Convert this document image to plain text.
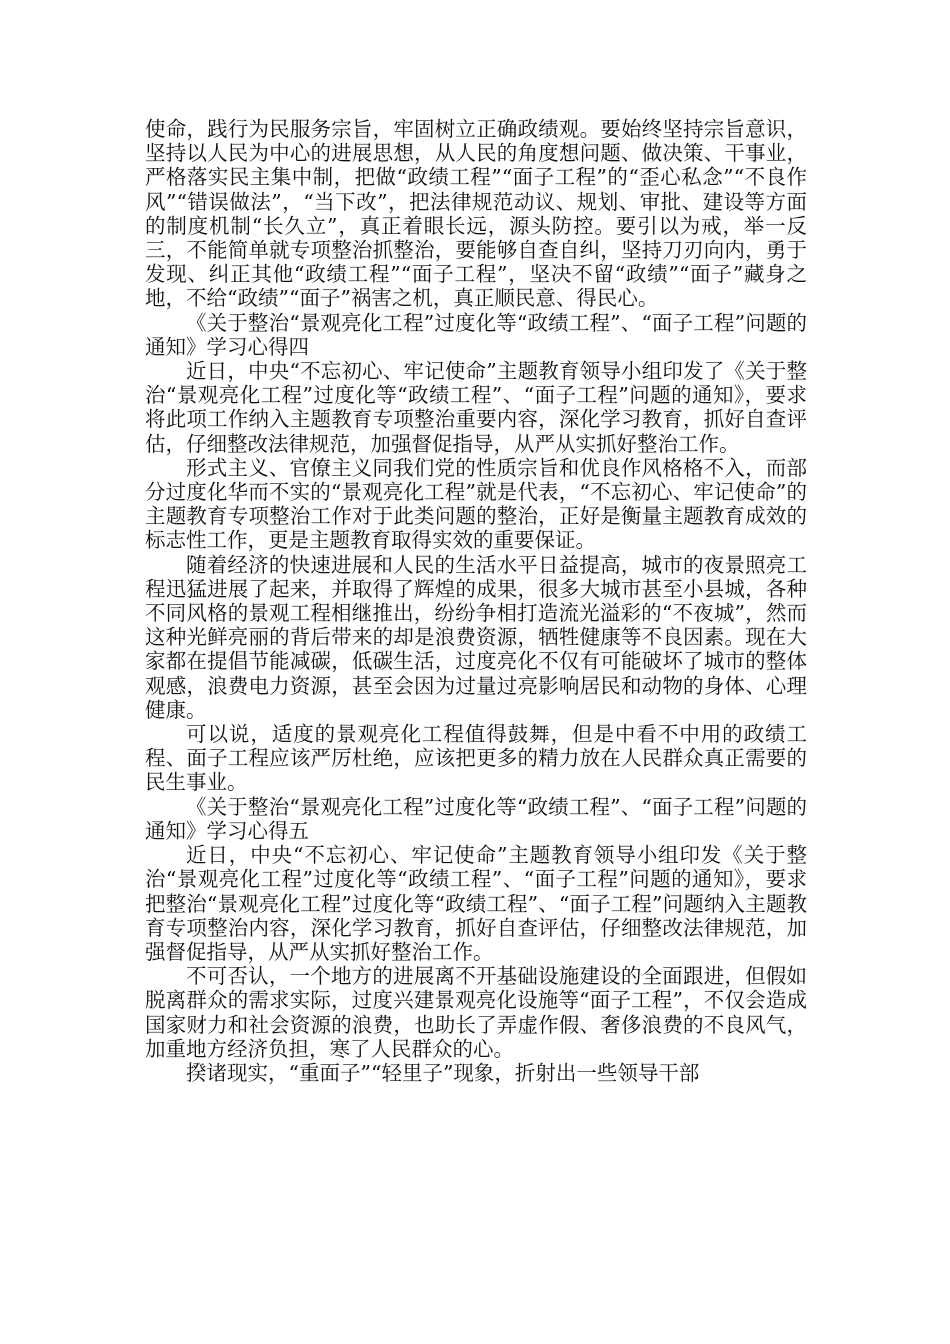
使命，践行为民服务宗旨，牢固树立正确政绩观。要始终坚持宗旨意识，坚持以人民为中心的进展思想，从人民的角度想问题、做决策、干事业，严格落实民主集中制，把做“政绩工程”“面子工程”的“歪心私念”“不良作风”“错误做法”，“当下改”，把法律规范动议、规划、审批、建设等方面的制度机制“长久立”，真正着眼长远，源头防控。要引以为戒，举一反三，不能简单就专项整治抓整治，要能够自查自纠，坚持刀刃向内，勇于发现、纠正其他“政绩工程”“面子工程”，坚决不留“政绩”“面子”藏身之地，不给“政绩”“面子”祸害之机，真正顺民意、得民心。

《关于整治“景观亮化工程”过度化等“政绩工程”、“面子工程”问题的通知》学习心得四

近日，中央“不忘初心、牢记使命”主题教育领导小组印发了《关于整治“景观亮化工程”过度化等“政绩工程”、“面子工程”问题的通知》，要求将此项工作纳入主题教育专项整治重要内容，深化学习教育，抓好自查评估，仔细整改法律规范，加强督促指导，从严从实抓好整治工作。

形式主义、官僚主义同我们党的性质宗旨和优良作风格格不入，而部分过度化华而不实的“景观亮化工程”就是代表，“不忘初心、牢记使命”的主题教育专项整治工作对于此类问题的整治，正好是衡量主题教育成效的标志性工作，更是主题教育取得实效的重要保证。

随着经济的快速进展和人民的生活水平日益提高，城市的夜景照亮工程迅猛进展了起来，并取得了辉煌的成果，很多大城市甚至小县城，各种不同风格的景观工程相继推出，纷纷争相打造流光溢彩的“不夜城”，然而这种光鲜亮丽的背后带来的却是浪费资源，牺牲健康等不良因素。现在大家都在提倡节能减碳，低碳生活，过度亮化不仅有可能破坏了城市的整体观感，浪费电力资源，甚至会因为过量过亮影响居民和动物的身体、心理健康。

可以说，适度的景观亮化工程值得鼓舞，但是中看不中用的政绩工程、面子工程应该严厉杜绝，应该把更多的精力放在人民群众真正需要的民生事业。

《关于整治“景观亮化工程”过度化等“政绩工程”、“面子工程”问题的通知》学习心得五

近日，中央“不忘初心、牢记使命”主题教育领导小组印发《关于整治“景观亮化工程”过度化等“政绩工程”、“面子工程”问题的通知》，要求把整治“景观亮化工程”过度化等“政绩工程”、“面子工程”问题纳入主题教育专项整治内容，深化学习教育，抓好自查评估，仔细整改法律规范，加强督促指导，从严从实抓好整治工作。

不可否认，一个地方的进展离不开基础设施建设的全面跟进，但假如脱离群众的需求实际，过度兴建景观亮化设施等“面子工程”，不仅会造成国家财力和社会资源的浪费，也助长了弄虚作假、奢侈浪费的不良风气，加重地方经济负担，寒了人民群众的心。

揆诸现实，“重面子”“轻里子”现象，折射出一些领导干部
